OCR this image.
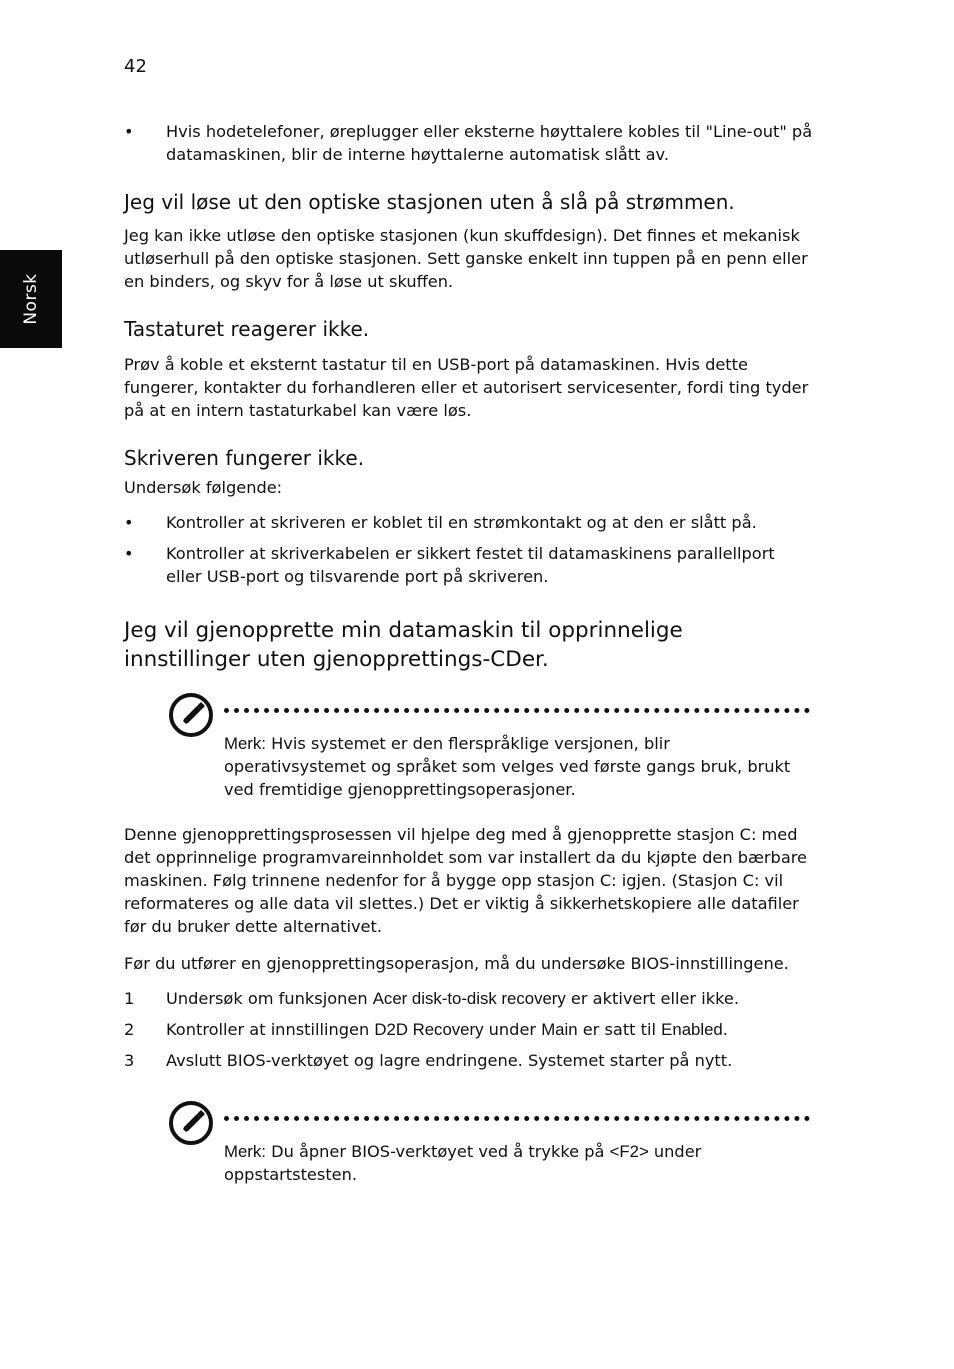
42
Norsk
• Hvis hodetelefoner, øreplugger eller eksterne høyttalere kobles til "Line-out" på datamaskinen, blir de interne høyttalerne automatisk slått av.
Jeg vil løse ut den optiske stasjonen uten å slå på strømmen.

Jeg kan ikke utløse den optiske stasjonen (kun skuffdesign). Det finnes et mekanisk utløserhull på den optiske stasjonen. Sett ganske enkelt inn tuppen på en penn eller en binders, og skyv for å løse ut skuffen.

Tastaturet reagerer ikke.

Prøv å koble et eksternt tastatur til en USB-port på datamaskinen. Hvis dette fungerer, kontakter du forhandleren eller et autorisert servicesenter, fordi ting tyder på at en intern tastaturkabel kan være løs.

Skriveren fungerer ikke.

Undersøk følgende:

• Kontroller at skriveren er koblet til en strømkontakt og at den er slått på.
• Kontroller at skriverkabelen er sikkert festet til datamaskinens parallellport eller USB-port og tilsvarende port på skriveren.
Jeg vil gjenopprette min datamaskin til opprinnelige innstillinger uten gjenopprettings-CDer.

Merk: Hvis systemet er den flerspråklige versjonen, blir operativsystemet og språket som velges ved første gangs bruk, brukt ved fremtidige gjenopprettingsoperasjoner.

Denne gjenopprettingsprosessen vil hjelpe deg med å gjenopprette stasjon C: med det opprinnelige programvareinnholdet som var installert da du kjøpte den bærbare maskinen. Følg trinnene nedenfor for å bygge opp stasjon C: igjen. (Stasjon C: vil reformateres og alle data vil slettes.) Det er viktig å sikkerhetskopiere alle datafiler før du bruker dette alternativet.

Før du utfører en gjenopprettingsoperasjon, må du undersøke BIOS-innstillingene.

1 Undersøk om funksjonen Acer disk-to-disk recovery er aktivert eller ikke.
2 Kontroller at innstillingen D2D Recovery under Main er satt til Enabled.
3 Avslutt BIOS-verktøyet og lagre endringene. Systemet starter på nytt.

Merk: Du åpner BIOS-verktøyet ved å trykke på <F2> under oppstartstesten.
